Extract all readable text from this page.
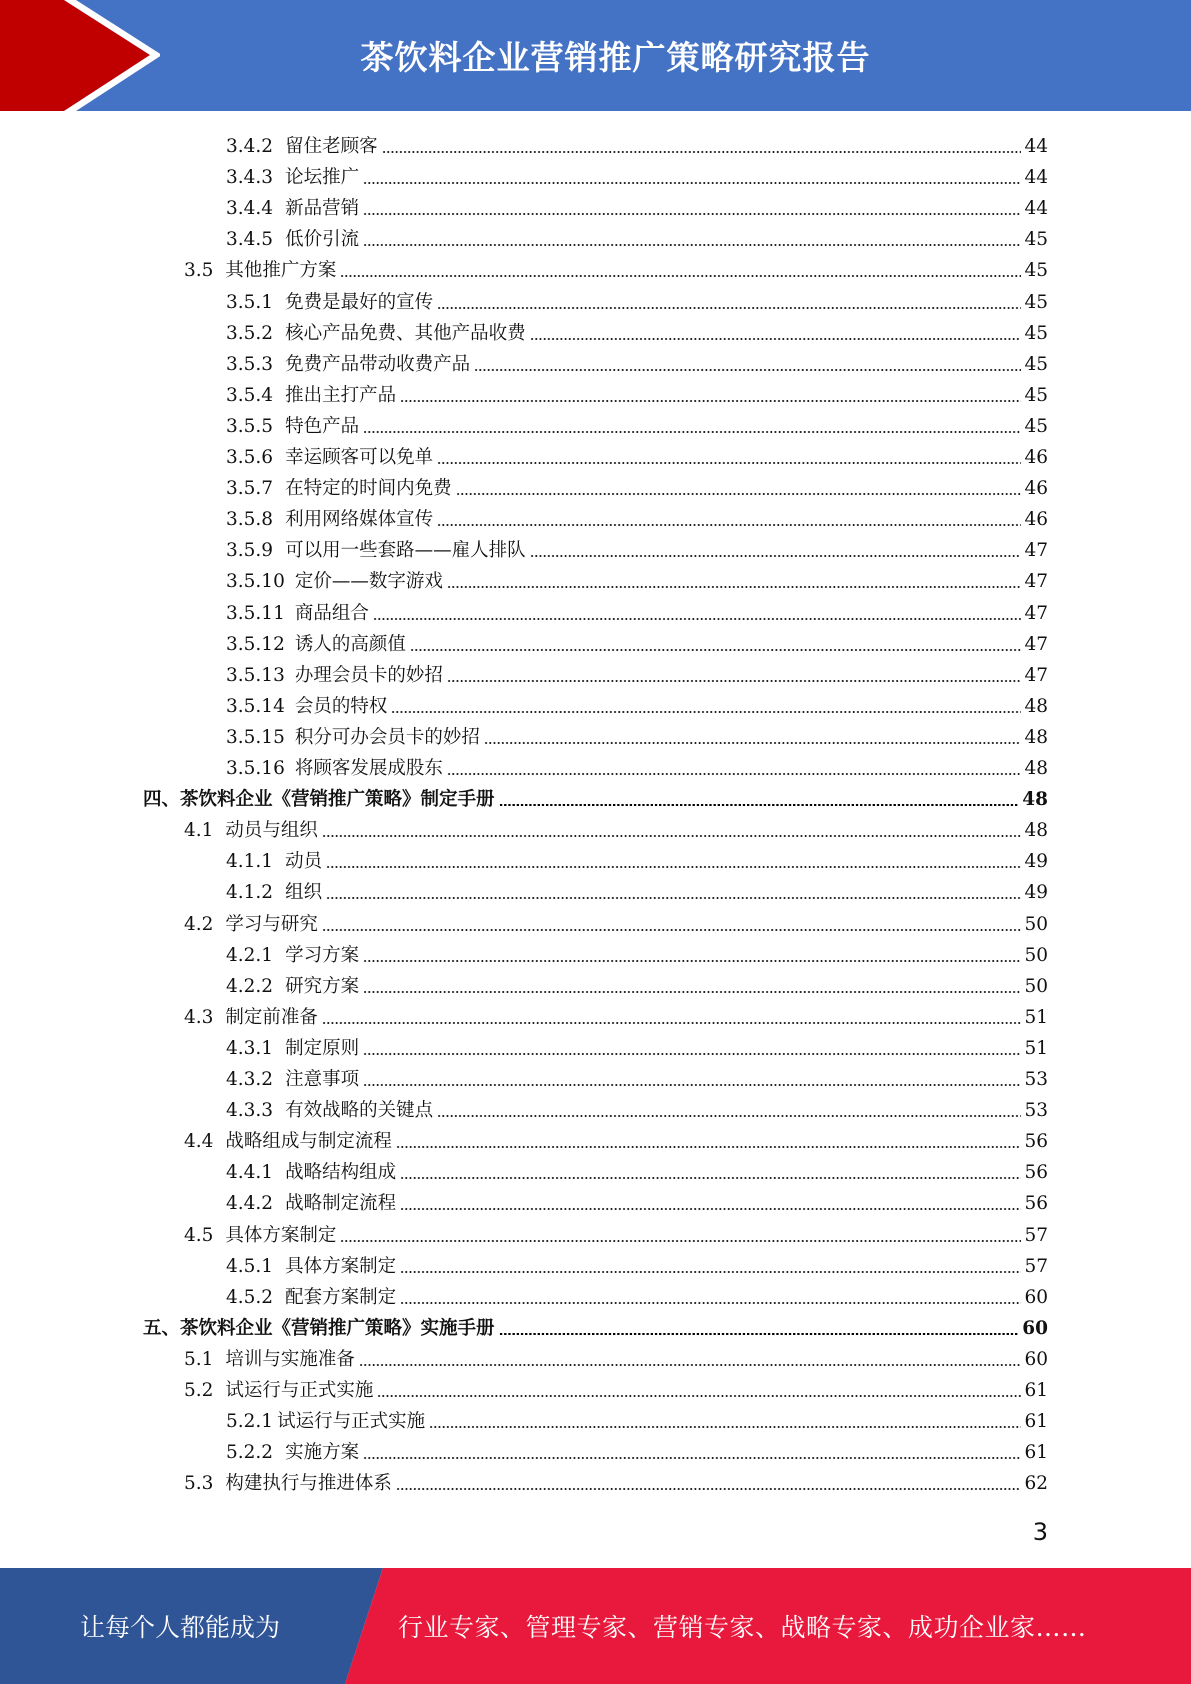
茶饮料企业营销推广策略研究报告
3.4.2 留住老顾客	44
3.4.3 论坛推广	44
3.4.4 新品营销	44
3.4.5 低价引流	45
3.5 其他推广方案	45
3.5.1 免费是最好的宣传	45
3.5.2 核心产品免费、其他产品收费	45
3.5.3 免费产品带动收费产品	45
3.5.4 推出主打产品	45
3.5.5 特色产品	45
3.5.6 幸运顾客可以免单	46
3.5.7 在特定的时间内免费	46
3.5.8 利用网络媒体宣传	46
3.5.9 可以用一些套路——雇人排队	47
3.5.10 定价——数字游戏	47
3.5.11 商品组合	47
3.5.12 诱人的高颜值	47
3.5.13 办理会员卡的妙招	47
3.5.14 会员的特权	48
3.5.15 积分可办会员卡的妙招	48
3.5.16 将顾客发展成股东	48
四、 茶饮料企业《营销推广策略》制定手册	48
4.1 动员与组织	48
4.1.1 动员	49
4.1.2 组织	49
4.2 学习与研究	50
4.2.1 学习方案	50
4.2.2 研究方案	50
4.3 制定前准备	51
4.3.1 制定原则	51
4.3.2 注意事项	53
4.3.3 有效战略的关键点	53
4.4 战略组成与制定流程	56
4.4.1 战略结构组成	56
4.4.2 战略制定流程	56
4.5 具体方案制定	57
4.5.1 具体方案制定	57
4.5.2 配套方案制定	60
五、 茶饮料企业《营销推广策略》实施手册	60
5.1 培训与实施准备	60
5.2 试运行与正式实施	61
5.2.1 试运行与正式实施	61
5.2.2 实施方案	61
5.3 构建执行与推进体系	62
3
让每个人都能成为	行业专家、管理专家、营销专家、战略专家、成功企业家……
